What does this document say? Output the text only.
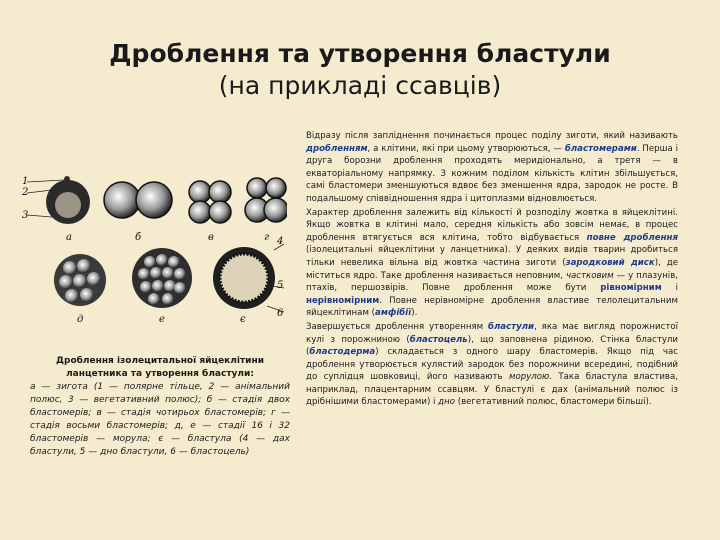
Дроблення та утворення бластули
(на прикладі ссавців)
1
2
3
а	б	в	г
д	е	є
4
5
6
Дроблення ізолецитальної яйцеклітини ланцетника та утворення бластули:
а — зигота (1 — полярне тільце, 2 — анімальний полюс, 3 — вегетативний полюс); б — стадія двох бластомерів; в — стадія чотирьох бластомерів; г — стадія восьми бластомерів; д, е — стадії 16 і 32 бластомерів — морула; є — бластула (4 — дах бластули, 5 — дно бластули, 6 — бластоцель)

Відразу після запліднення починається процес поділу зиготи, який називають дробленням, а клітини, які при цьому утворюються, — бластомерами. Перша і друга борозни дроблення проходять меридіонально, а третя — в екваторіальному напрямку. З кожним поділом кількість клітин збільшується, самі бластомери зменшуються вдвоє без зменшення ядра, зародок не росте. В подальшому співвідношення ядра і цитоплазми відновлюється.

Характер дроблення залежить від кількості й розподілу жовтка в яйцеклітині. Якщо жовтка в клітині мало, середня кількість або зовсім немає, в процес дроблення втягується вся клітина, тобто відбувається повне дроблення (ізолецитальні яйцеклітини у ланцетника). У деяких видів тварин дробиться тільки невелика вільна від жовтка частина зиготи (зародковий диск), де міститься ядро. Таке дроблення називається неповним, частковим — у плазунів, птахів, першозвірів. Повне дроблення може бути рівномірним і нерівномірним. Повне нерівномірне дроблення властиве телолецитальним яйцеклітинам (амфібії).

Завершується дроблення утворенням бластули, яка має вигляд порожнистої кулі з порожниною (бластоцель), що заповнена рідиною. Стінка бластули (бластодерма) складається з одного шару бластомерів. Якщо під час дроблення утворюється кулястий зародок без порожнини всередині, подібний до суплідця шовковиці, його називають морулою. Така бластула властива, наприклад, плацентарним ссавцям. У бластулі є дах (анімальний полюс із дрібнішими бластомерами) і дно (вегетативний полюс, бластомери більші).
